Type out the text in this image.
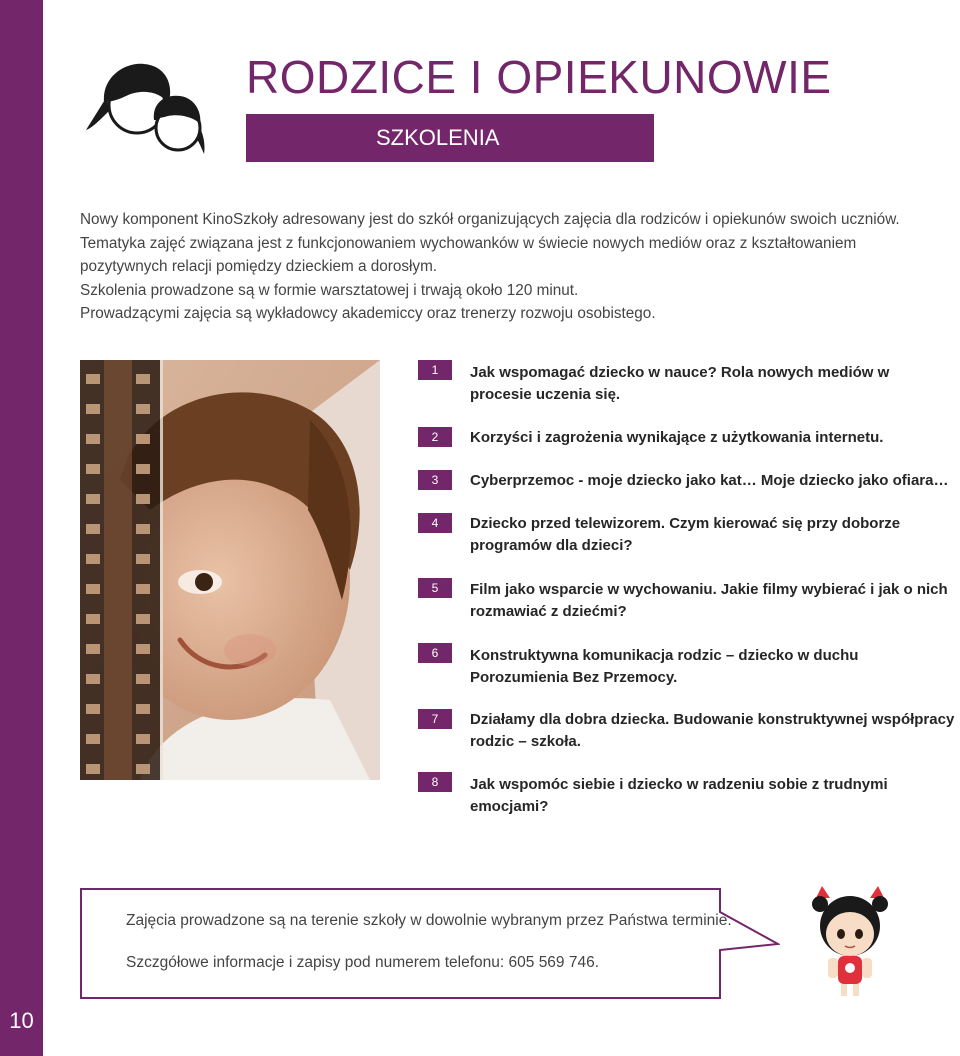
10
RODZICE I OPIEKUNOWIE
SZKOLENIA

Nowy komponent KinoSzkoły adresowany jest do szkół organizujących zajęcia dla rodziców i opiekunów swoich uczniów. Tematyka zajęć związana jest z funkcjonowaniem wychowanków w świecie nowych mediów oraz z kształtowaniem pozytywnych relacji pomiędzy dzieckiem a dorosłym.

Szkolenia prowadzone są w formie warsztatowej i trwają około 120 minut.

Prowadzącymi zajęcia są wykładowcy akademiccy oraz trenerzy rozwoju osobistego.

1	Jak wspomagać dziecko w nauce? Rola nowych mediów w procesie uczenia się.
2	Korzyści i zagrożenia wynikające z użytkowania internetu.
3	Cyberprzemoc - moje dziecko jako kat… Moje dziecko jako ofiara…
4	Dziecko przed telewizorem. Czym kierować się przy doborze programów dla dzieci?
5	Film jako wsparcie w wychowaniu. Jakie filmy wybierać i jak o nich rozmawiać z dziećmi?
6	Konstruktywna komunikacja rodzic – dziecko w duchu Porozumienia Bez Przemocy.
7	Działamy dla dobra dziecka. Budowanie konstruktywnej współpracy rodzic – szkoła.
8	Jak wspomóc siebie i dziecko w radzeniu sobie z trudnymi emocjami?
Zajęcia prowadzone są na terenie szkoły w dowolnie wybranym przez Państwa terminie.
Szczgółowe informacje i zapisy pod numerem telefonu: 605 569 746.
